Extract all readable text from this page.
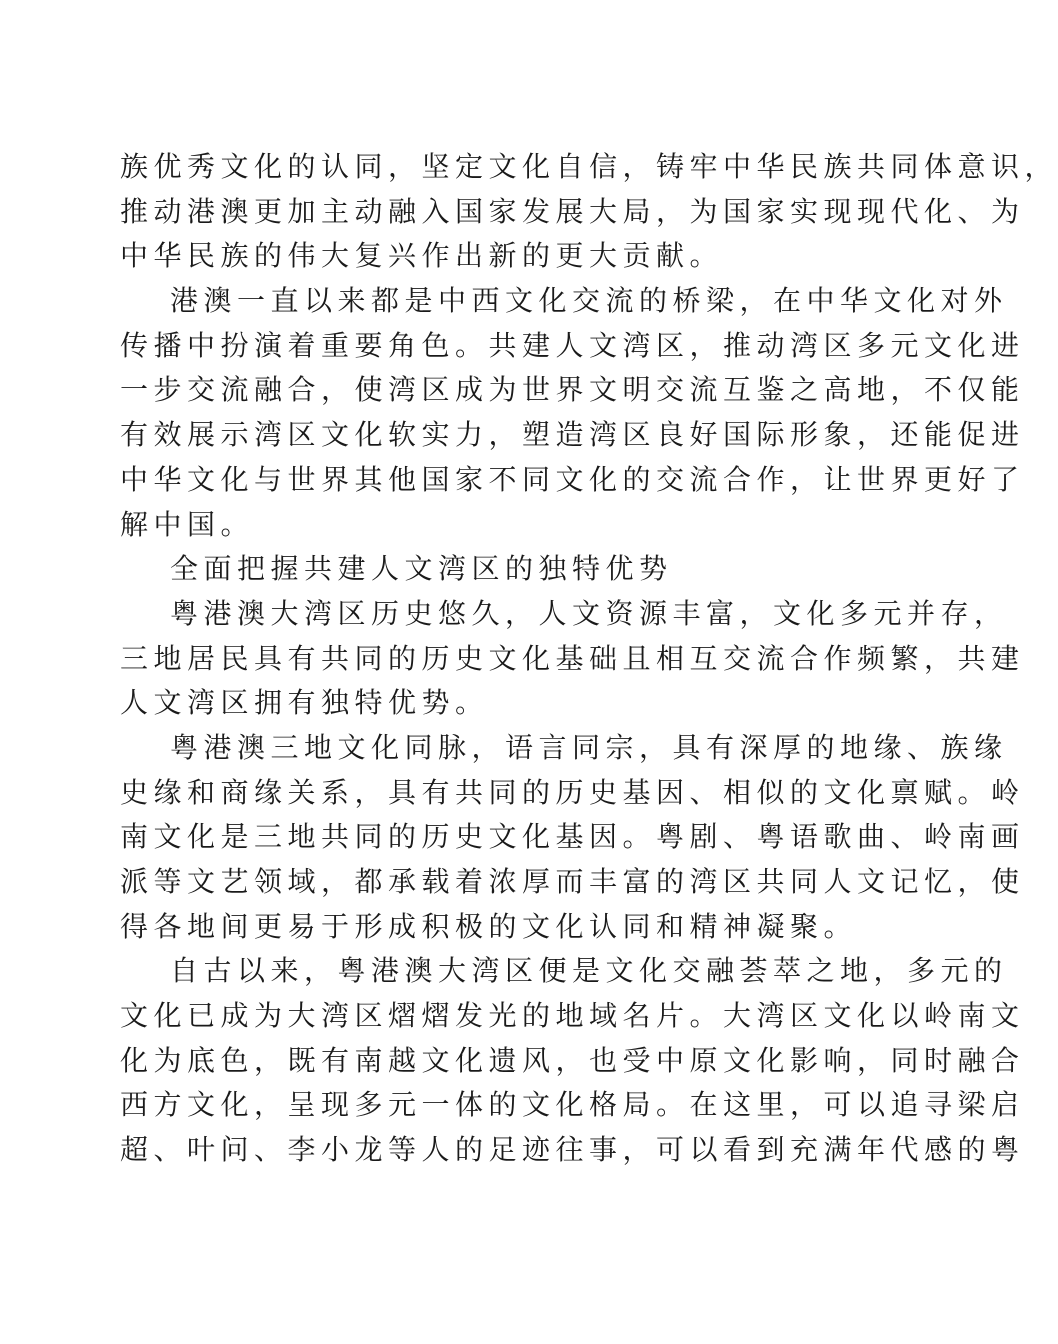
族优秀文化的认同，坚定文化自信，铸牢中华民族共同体意识，
推动港澳更加主动融入国家发展大局，为国家实现现代化、为
中华民族的伟大复兴作出新的更大贡献。
港澳一直以来都是中西文化交流的桥梁，在中华文化对外
传播中扮演着重要角色。共建人文湾区，推动湾区多元文化进
一步交流融合，使湾区成为世界文明交流互鉴之高地，不仅能
有效展示湾区文化软实力，塑造湾区良好国际形象，还能促进
中华文化与世界其他国家不同文化的交流合作，让世界更好了
解中国。
全面把握共建人文湾区的独特优势
粤港澳大湾区历史悠久，人文资源丰富，文化多元并存，
三地居民具有共同的历史文化基础且相互交流合作频繁，共建
人文湾区拥有独特优势。
粤港澳三地文化同脉，语言同宗，具有深厚的地缘、族缘
史缘和商缘关系，具有共同的历史基因、相似的文化禀赋。岭
南文化是三地共同的历史文化基因。粤剧、粤语歌曲、岭南画
派等文艺领域，都承载着浓厚而丰富的湾区共同人文记忆，使
得各地间更易于形成积极的文化认同和精神凝聚。
自古以来，粤港澳大湾区便是文化交融荟萃之地，多元的
文化已成为大湾区熠熠发光的地域名片。大湾区文化以岭南文
化为底色，既有南越文化遗风，也受中原文化影响，同时融合
西方文化，呈现多元一体的文化格局。在这里，可以追寻梁启
超、叶问、李小龙等人的足迹往事，可以看到充满年代感的粤
